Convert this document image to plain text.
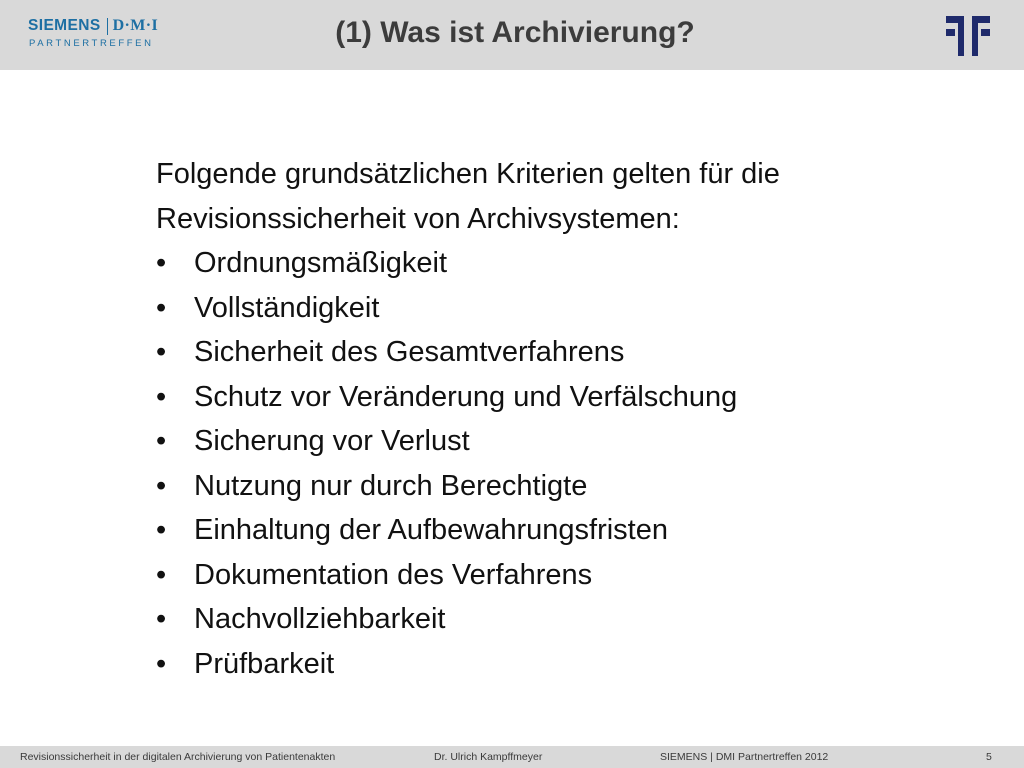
SIEMENS D·M·I
PARTNERTREFFEN	(1) Was ist Archivierung?

Folgende grundsätzlichen Kriterien gelten für die Revisionssicherheit von Archivsystemen:

• Ordnungsmäßigkeit
• Vollständigkeit
• Sicherheit des Gesamtverfahrens
• Schutz vor Veränderung und Verfälschung
• Sicherung vor Verlust
• Nutzung nur durch Berechtigte
• Einhaltung der Aufbewahrungsfristen
• Dokumentation des Verfahrens
• Nachvollziehbarkeit
• Prüfbarkeit
Revisionssicherheit in der digitalen Archivierung von Patientenakten	Dr. Ulrich Kampffmeyer	SIEMENS | DMI Partnertreffen 2012	5
